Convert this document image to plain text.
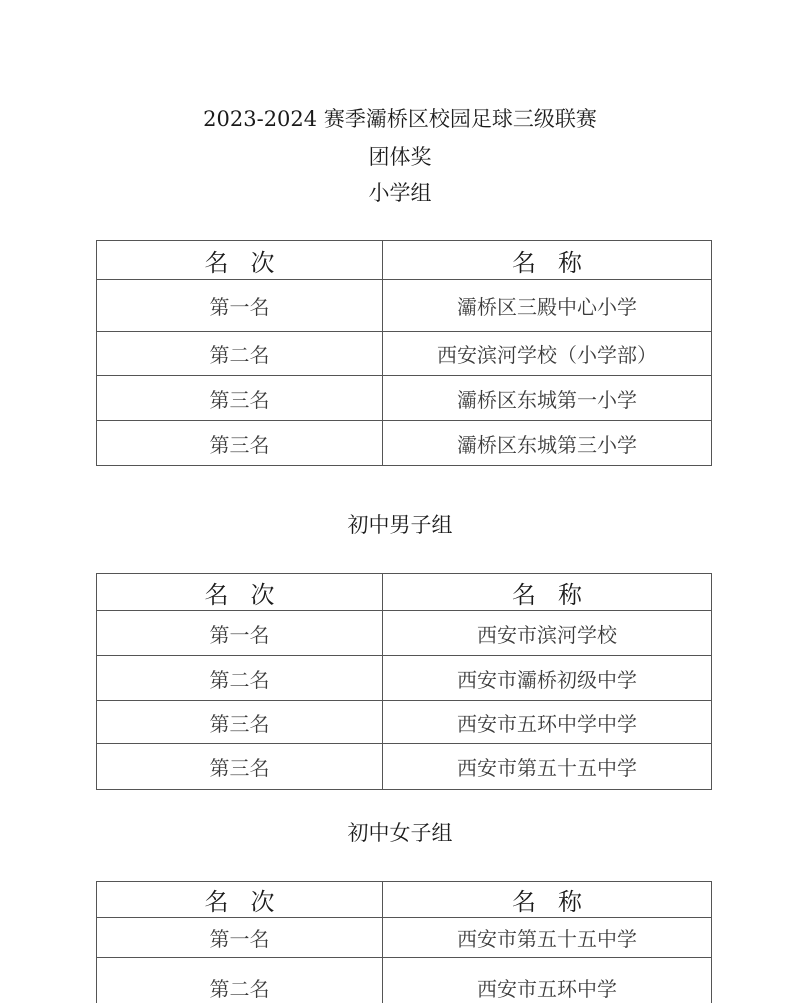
2023-2024 赛季灞桥区校园足球三级联赛
团体奖
小学组
名次	名称
第一名	灞桥区三殿中心小学
第二名	西安滨河学校（小学部）
第三名	灞桥区东城第一小学
第三名	灞桥区东城第三小学
初中男子组
名次	名称
第一名	西安市滨河学校
第二名	西安市灞桥初级中学
第三名	西安市五环中学中学
第三名	西安市第五十五中学
初中女子组
名次	名称
第一名	西安市第五十五中学
第二名	西安市五环中学
